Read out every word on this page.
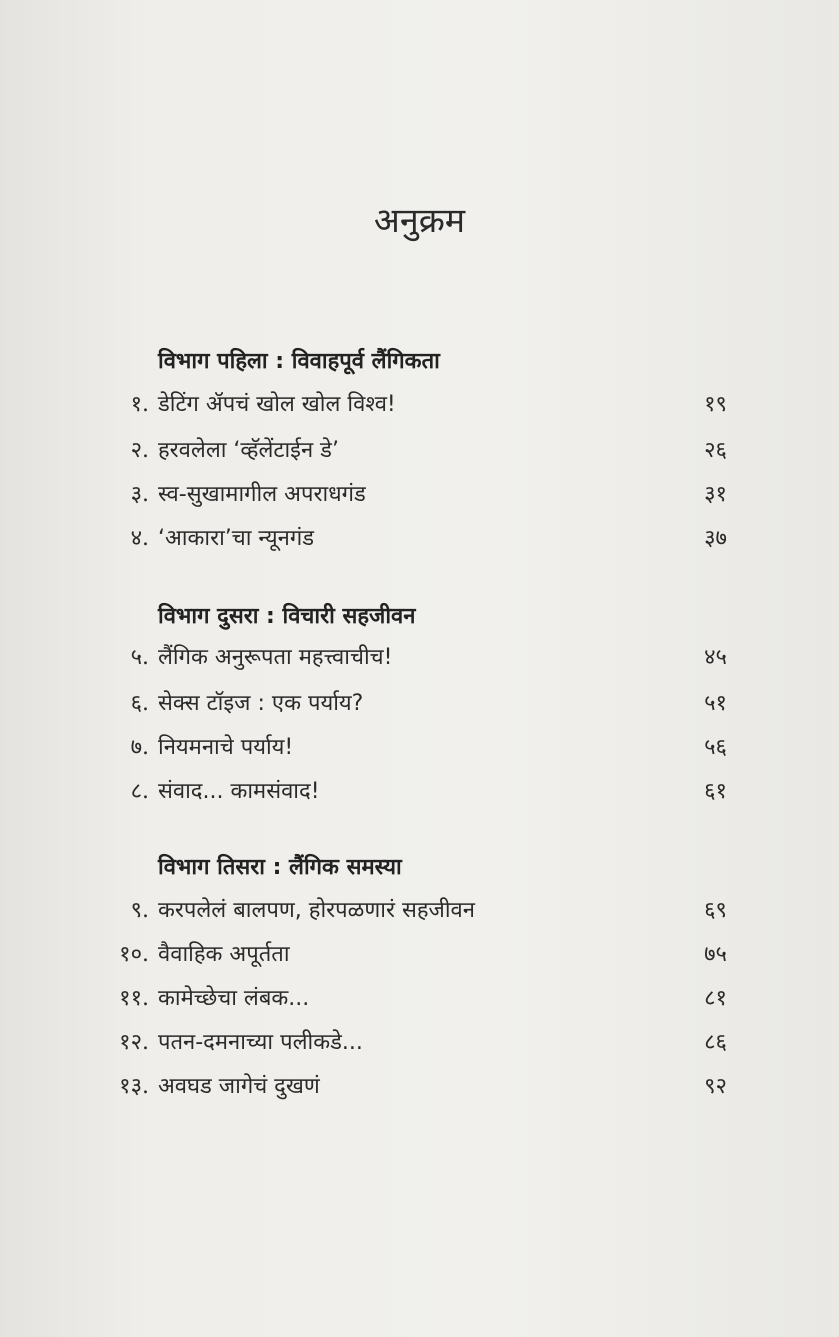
अनुक्रम
विभाग पहिला : विवाहपूर्व लैंगिकता
१. डेटिंग ॲपचं खोल खोल विश्व!	१९
२. हरवलेला ‘व्हॅलेंटाईन डे’	२६
३. स्व-सुखामागील अपराधगंड	३१
४. ‘आकारा’चा न्यूनगंड	३७
विभाग दुसरा : विचारी सहजीवन
५. लैंगिक अनुरूपता महत्त्वाचीच!	४५
६. सेक्स टॉइज : एक पर्याय?	५१
७. नियमनाचे पर्याय!	५६
८. संवाद... कामसंवाद!	६१
विभाग तिसरा : लैंगिक समस्या
९. करपलेलं बालपण, होरपळणारं सहजीवन	६९
१०. वैवाहिक अपूर्तता	७५
११. कामेच्छेचा लंबक...	८१
१२. पतन-दमनाच्या पलीकडे...	८६
१३. अवघड जागेचं दुखणं	९२
